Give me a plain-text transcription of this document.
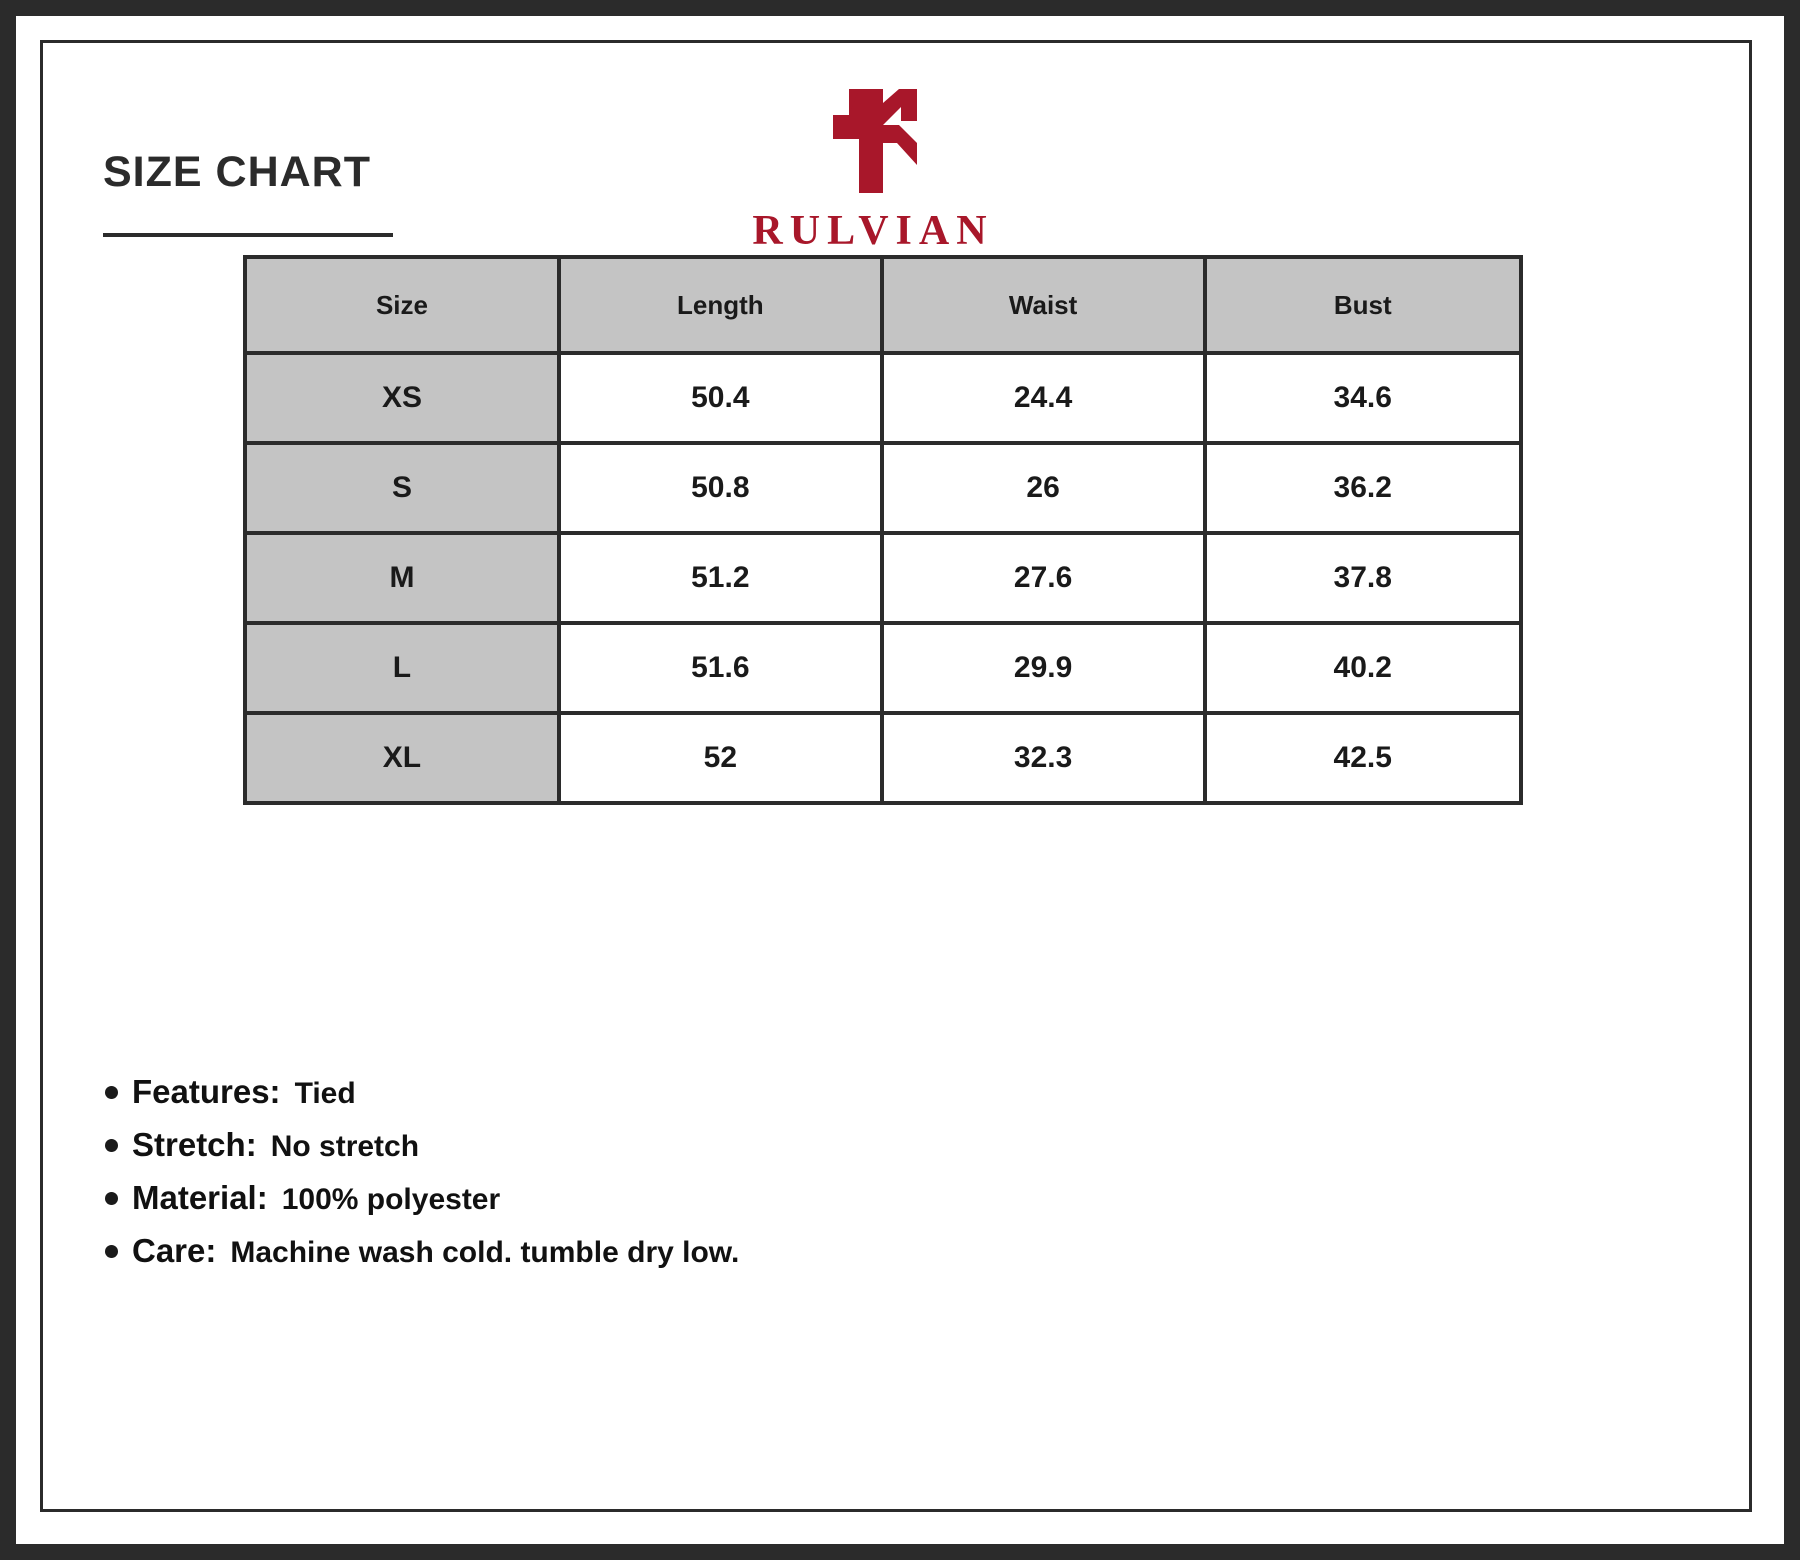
SIZE CHART
RULVIAN
Size	Length	Waist	Bust
XS	50.4	24.4	34.6
S	50.8	26	36.2
M	51.2	27.6	37.8
L	51.6	29.9	40.2
XL	52	32.3	42.5
Features: Tied
Stretch: No stretch
Material: 100% polyester
Care: Machine wash cold. tumble dry low.
